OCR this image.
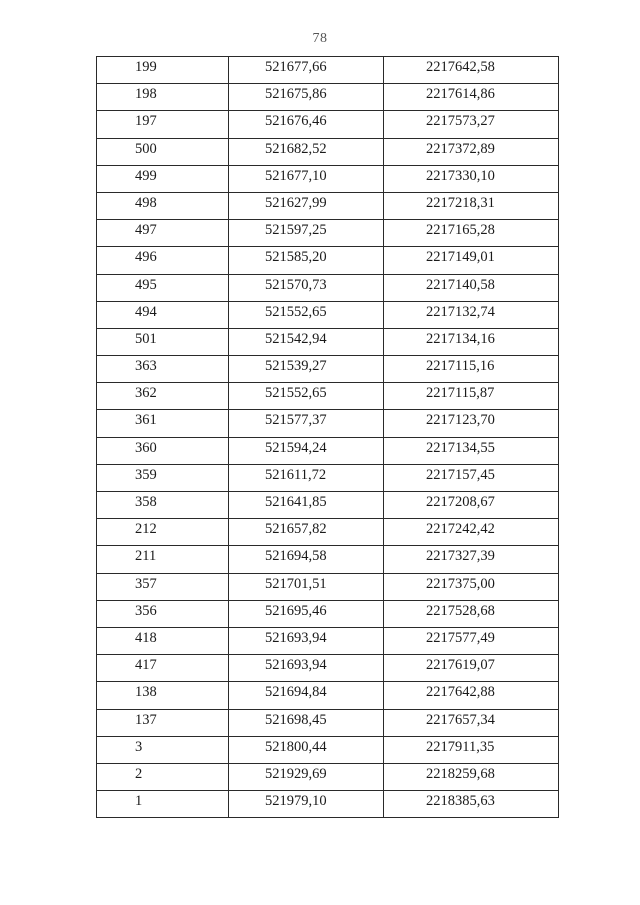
78
199	521677,66	2217642,58
198	521675,86	2217614,86
197	521676,46	2217573,27
500	521682,52	2217372,89
499	521677,10	2217330,10
498	521627,99	2217218,31
497	521597,25	2217165,28
496	521585,20	2217149,01
495	521570,73	2217140,58
494	521552,65	2217132,74
501	521542,94	2217134,16
363	521539,27	2217115,16
362	521552,65	2217115,87
361	521577,37	2217123,70
360	521594,24	2217134,55
359	521611,72	2217157,45
358	521641,85	2217208,67
212	521657,82	2217242,42
211	521694,58	2217327,39
357	521701,51	2217375,00
356	521695,46	2217528,68
418	521693,94	2217577,49
417	521693,94	2217619,07
138	521694,84	2217642,88
137	521698,45	2217657,34
3	521800,44	2217911,35
2	521929,69	2218259,68
1	521979,10	2218385,63
